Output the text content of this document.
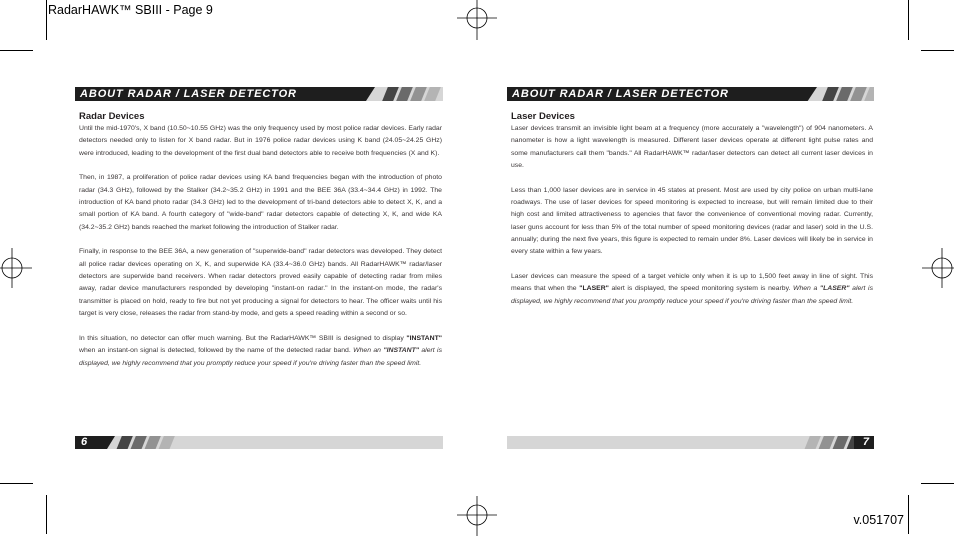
RadarHAWK™ SBIII - Page 9
v.051707
ABOUT RADAR / LASER DETECTOR
Radar Devices

Until the mid-1970's, X band (10.50~10.55 GHz) was the only frequency used by most police radar devices. Early radar detectors needed only to listen for X band radar. But in 1976 police radar devices using K band (24.05~24.25 GHz) were introduced, leading to the development of the first dual band detectors able to receive both frequencies (X and K).

Then, in 1987, a proliferation of police radar devices using KA band frequencies began with the introduction of photo radar (34.3 GHz), followed by the Stalker (34.2~35.2 GHz) in 1991 and the BEE 36A (33.4~34.4 GHz) in 1992. The introduction of KA band photo radar (34.3 GHz) led to the development of tri-band detectors able to detect X, K, and a small portion of KA band. A fourth category of "wide-band" radar detectors capable of detecting X, K, and wide KA (34.2~35.2 GHz) bands reached the market following the introduction of Stalker radar.

Finally, in response to the BEE 36A, a new generation of "superwide-band" radar detectors was developed. They detect all police radar devices operating on X, K, and superwide KA (33.4~36.0 GHz) bands. All RadarHAWK™ radar/laser detectors are superwide band receivers. When radar detectors proved easily capable of detecting radar from miles away, radar device manufacturers responded by developing "instant-on radar." In the instant-on mode, the radar's transmitter is placed on hold, ready to fire but not yet producing a signal for detectors to hear. The officer waits until his target is very close, releases the radar from stand-by mode, and gets a speed reading within a second or so.

In this situation, no detector can offer much warning. But the RadarHAWK™ SBIII is designed to display "INSTANT" when an instant-on signal is detected, followed by the name of the detected radar band. When an "INSTANT" alert is displayed, we highly recommend that you promptly reduce your speed if you're driving faster than the speed limit.

6
ABOUT RADAR / LASER DETECTOR
Laser Devices

Laser devices transmit an invisible light beam at a frequency (more accurately a "wavelength") of 904 nanometers. A nanometer is how a light wavelength is measured. Different laser devices operate at different light pulse rates and some manufacturers call them "bands." All RadarHAWK™ radar/laser detectors can detect all current laser devices in use.

Less than 1,000 laser devices are in service in 45 states at present. Most are used by city police on urban multi-lane roadways. The use of laser devices for speed monitoring is expected to increase, but will remain limited due to their high cost and limited attractiveness to agencies that favor the convenience of conventional moving radar. Currently, laser guns account for less than 5% of the total number of speed monitoring devices (radar and laser) sold in the U.S. annually; during the next five years, this figure is expected to remain under 8%. Laser devices will likely be in service in every state within a few years.

Laser devices can measure the speed of a target vehicle only when it is up to 1,500 feet away in line of sight. This means that when the "LASER" alert is displayed, the speed monitoring system is nearby. When a "LASER" alert is displayed, we highly recommend that you promptly reduce your speed if you're driving faster than the speed limit.

7
